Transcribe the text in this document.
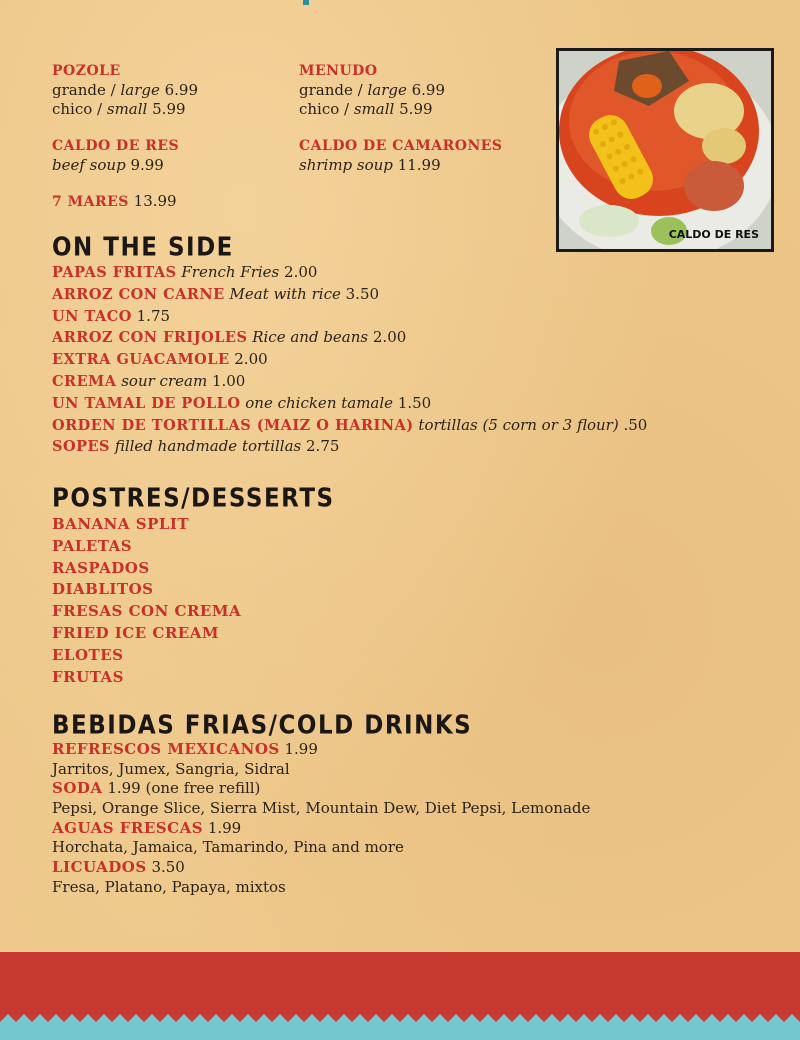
POZOLE
grande / large 6.99
chico / small 5.99
MENUDO
grande / large 6.99
chico / small 5.99
CALDO DE RES
beef soup 9.99
CALDO DE CAMARONES
shrimp soup 11.99
7 MARES 13.99
CALDO DE RES
ON THE SIDE
PAPAS FRITAS French Fries 2.00
ARROZ CON CARNE Meat with rice 3.50
UN TACO 1.75
ARROZ CON FRIJOLES Rice and beans 2.00
EXTRA GUACAMOLE 2.00
CREMA sour cream 1.00
UN TAMAL DE POLLO one chicken tamale 1.50
ORDEN DE TORTILLAS (MAIZ O HARINA) tortillas (5 corn or 3 flour) .50
SOPES filled handmade tortillas 2.75
POSTRES/DESSERTS
BANANA SPLIT
PALETAS
RASPADOS
DIABLITOS
FRESAS CON CREMA
FRIED ICE CREAM
ELOTES
FRUTAS
BEBIDAS FRIAS/COLD DRINKS
REFRESCOS MEXICANOS 1.99
Jarritos, Jumex, Sangria, Sidral
SODA 1.99 (one free refill)
Pepsi, Orange Slice, Sierra Mist, Mountain Dew, Diet Pepsi, Lemonade
AGUAS FRESCAS 1.99
Horchata, Jamaica, Tamarindo, Pina and more
LICUADOS 3.50
Fresa, Platano, Papaya, mixtos
